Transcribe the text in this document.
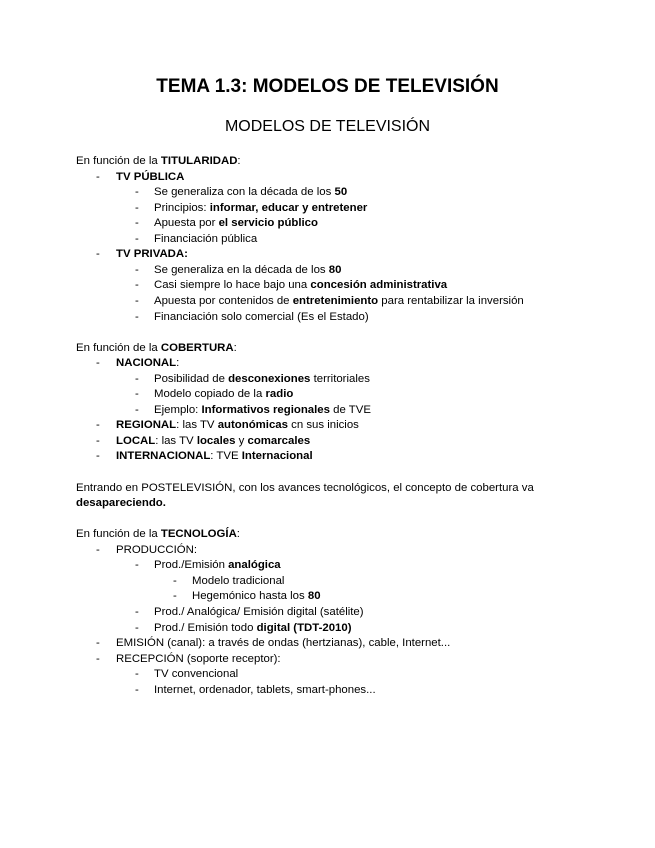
TEMA 1.3: MODELOS DE TELEVISIÓN
MODELOS DE TELEVISIÓN
En función de la TITULARIDAD:
- TV PÚBLICA
- Se generaliza con la década de los 50
- Principios: informar, educar y entretener
- Apuesta por el servicio público
- Financiación pública
- TV PRIVADA:
- Se generaliza en la década de los 80
- Casi siempre lo hace bajo una concesión administrativa
- Apuesta por contenidos de entretenimiento para rentabilizar la inversión
- Financiación solo comercial (Es el Estado)
En función de la COBERTURA:
- NACIONAL:
- Posibilidad de desconexiones territoriales
- Modelo copiado de la radio
- Ejemplo: Informativos regionales de TVE
- REGIONAL: las TV autonómicas cn sus inicios
- LOCAL: las TV locales y comarcales
- INTERNACIONAL: TVE Internacional
Entrando en POSTELEVISIÓN, con los avances tecnológicos, el concepto de cobertura va
desapareciendo.
En función de la TECNOLOGÍA:
- PRODUCCIÓN:
- Prod./Emisión analógica
- Modelo tradicional
- Hegemónico hasta los 80
- Prod./ Analógica/ Emisión digital (satélite)
- Prod./ Emisión todo digital (TDT-2010)
- EMISIÓN (canal): a través de ondas (hertzianas), cable, Internet...
- RECEPCIÓN (soporte receptor):
- TV convencional
- Internet, ordenador, tablets, smart-phones...
